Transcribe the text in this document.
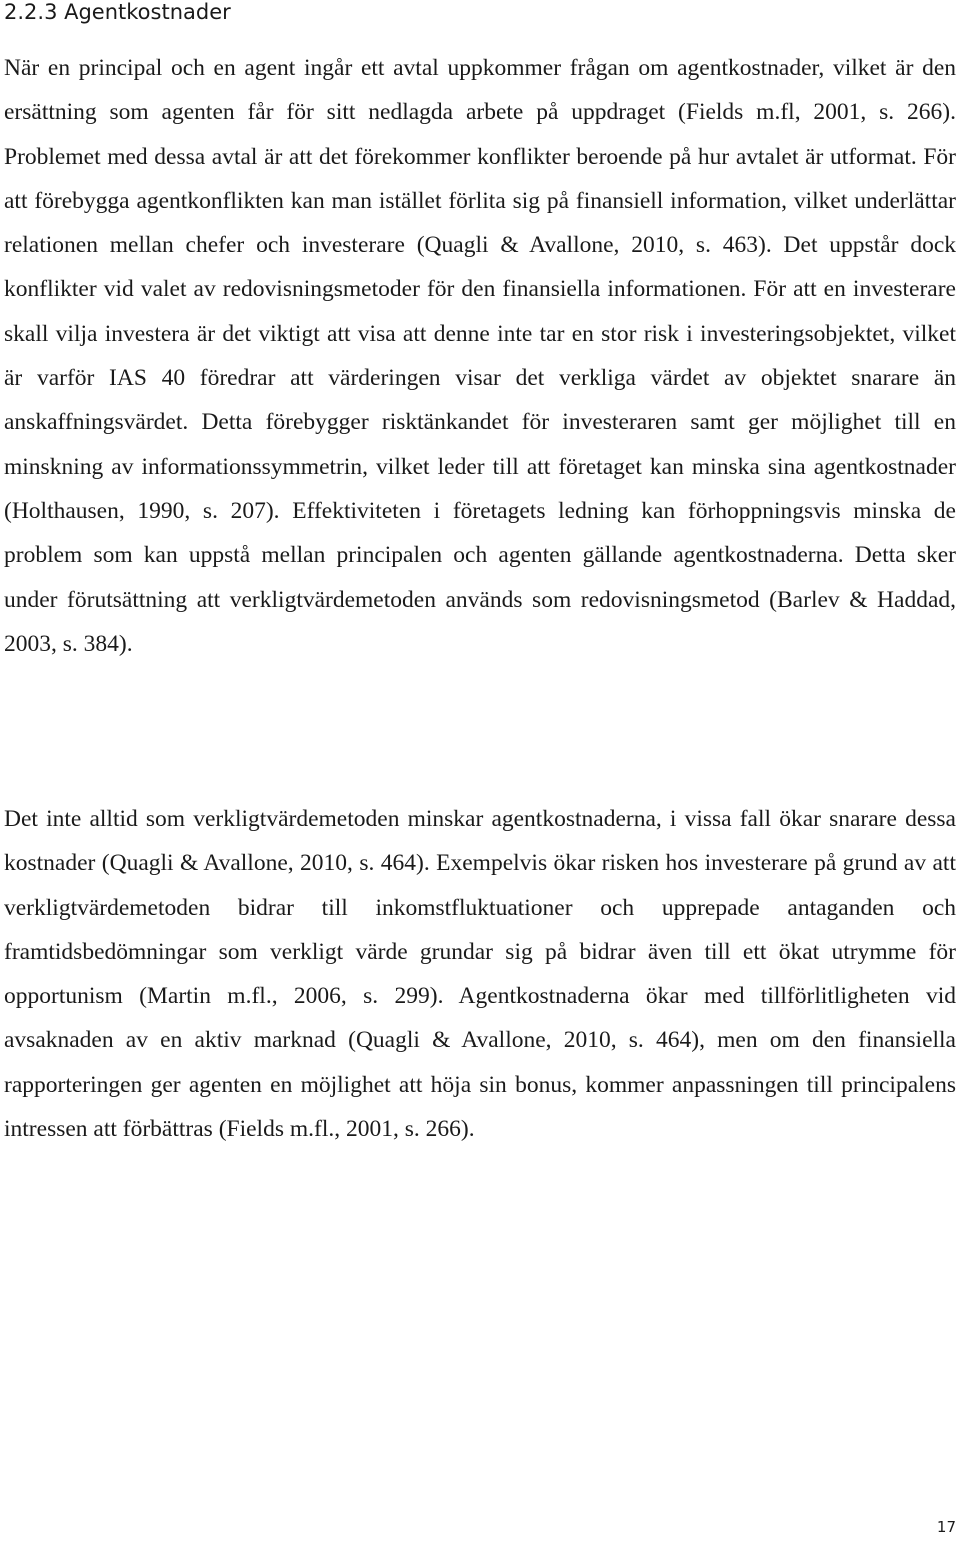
2.2.3 Agentkostnader

När en principal och en agent ingår ett avtal uppkommer frågan om agentkostnader, vilket är den ersättning som agenten får för sitt nedlagda arbete på uppdraget (Fields m.fl, 2001, s. 266). Problemet med dessa avtal är att det förekommer konflikter beroende på hur avtalet är utformat. För att förebygga agentkonflikten kan man istället förlita sig på finansiell information, vilket underlättar relationen mellan chefer och investerare (Quagli & Avallone, 2010, s. 463). Det uppstår dock konflikter vid valet av redovisningsmetoder för den finansiella informationen. För att en investerare skall vilja investera är det viktigt att visa att denne inte tar en stor risk i investeringsobjektet, vilket är varför IAS 40 föredrar att värderingen visar det verkliga värdet av objektet snarare än anskaffningsvärdet. Detta förebygger risktänkandet för investeraren samt ger möjlighet till en minskning av informationssymmetrin, vilket leder till att företaget kan minska sina agentkostnader (Holthausen, 1990, s. 207). Effektiviteten i företagets ledning kan förhoppningsvis minska de problem som kan uppstå mellan principalen och agenten gällande agentkostnaderna. Detta sker under förutsättning att verkligtvärdemetoden används som redovisningsmetod (Barlev & Haddad, 2003, s. 384).

Det inte alltid som verkligtvärdemetoden minskar agentkostnaderna, i vissa fall ökar snarare dessa kostnader (Quagli & Avallone, 2010, s. 464). Exempelvis ökar risken hos investerare på grund av att verkligtvärdemetoden bidrar till inkomstfluktuationer och upprepade antaganden och framtidsbedömningar som verkligt värde grundar sig på bidrar även till ett ökat utrymme för opportunism (Martin m.fl., 2006, s. 299). Agentkostnaderna ökar med tillförlitligheten vid avsaknaden av en aktiv marknad (Quagli & Avallone, 2010, s. 464), men om den finansiella rapporteringen ger agenten en möjlighet att höja sin bonus, kommer anpassningen till principalens intressen att förbättras (Fields m.fl., 2001, s. 266).

17
